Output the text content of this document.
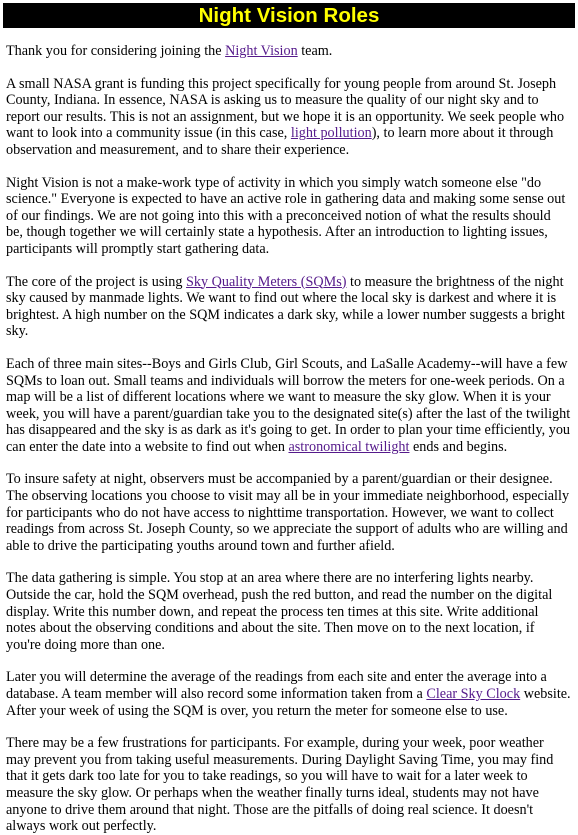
Night Vision Roles

Thank you for considering joining the Night Vision team.

A small NASA grant is funding this project specifically for young people from around St. Joseph County, Indiana. In essence, NASA is asking us to measure the quality of our night sky and to report our results. This is not an assignment, but we hope it is an opportunity. We seek people who want to look into a community issue (in this case, light pollution), to learn more about it through observation and measurement, and to share their experience.

Night Vision is not a make-work type of activity in which you simply watch someone else "do science." Everyone is expected to have an active role in gathering data and making some sense out of our findings. We are not going into this with a preconceived notion of what the results should be, though together we will certainly state a hypothesis. After an introduction to lighting issues, participants will promptly start gathering data.

The core of the project is using Sky Quality Meters (SQMs) to measure the brightness of the night sky caused by manmade lights. We want to find out where the local sky is darkest and where it is brightest. A high number on the SQM indicates a dark sky, while a lower number suggests a bright sky.

Each of three main sites--Boys and Girls Club, Girl Scouts, and LaSalle Academy--will have a few SQMs to loan out. Small teams and individuals will borrow the meters for one-week periods. On a map will be a list of different locations where we want to measure the sky glow. When it is your week, you will have a parent/guardian take you to the designated site(s) after the last of the twilight has disappeared and the sky is as dark as it's going to get. In order to plan your time efficiently, you can enter the date into a website to find out when astronomical twilight ends and begins.

To insure safety at night, observers must be accompanied by a parent/guardian or their designee. The observing locations you choose to visit may all be in your immediate neighborhood, especially for participants who do not have access to nighttime transportation. However, we want to collect readings from across St. Joseph County, so we appreciate the support of adults who are willing and able to drive the participating youths around town and further afield.

The data gathering is simple. You stop at an area where there are no interfering lights nearby. Outside the car, hold the SQM overhead, push the red button, and read the number on the digital display. Write this number down, and repeat the process ten times at this site. Write additional notes about the observing conditions and about the site. Then move on to the next location, if you're doing more than one.

Later you will determine the average of the readings from each site and enter the average into a database. A team member will also record some information taken from a Clear Sky Clock website. After your week of using the SQM is over, you return the meter for someone else to use.

There may be a few frustrations for participants. For example, during your week, poor weather may prevent you from taking useful measurements. During Daylight Saving Time, you may find that it gets dark too late for you to take readings, so you will have to wait for a later week to measure the sky glow. Or perhaps when the weather finally turns ideal, students may not have anyone to drive them around that night. Those are the pitfalls of doing real science. It doesn't always work out perfectly.
